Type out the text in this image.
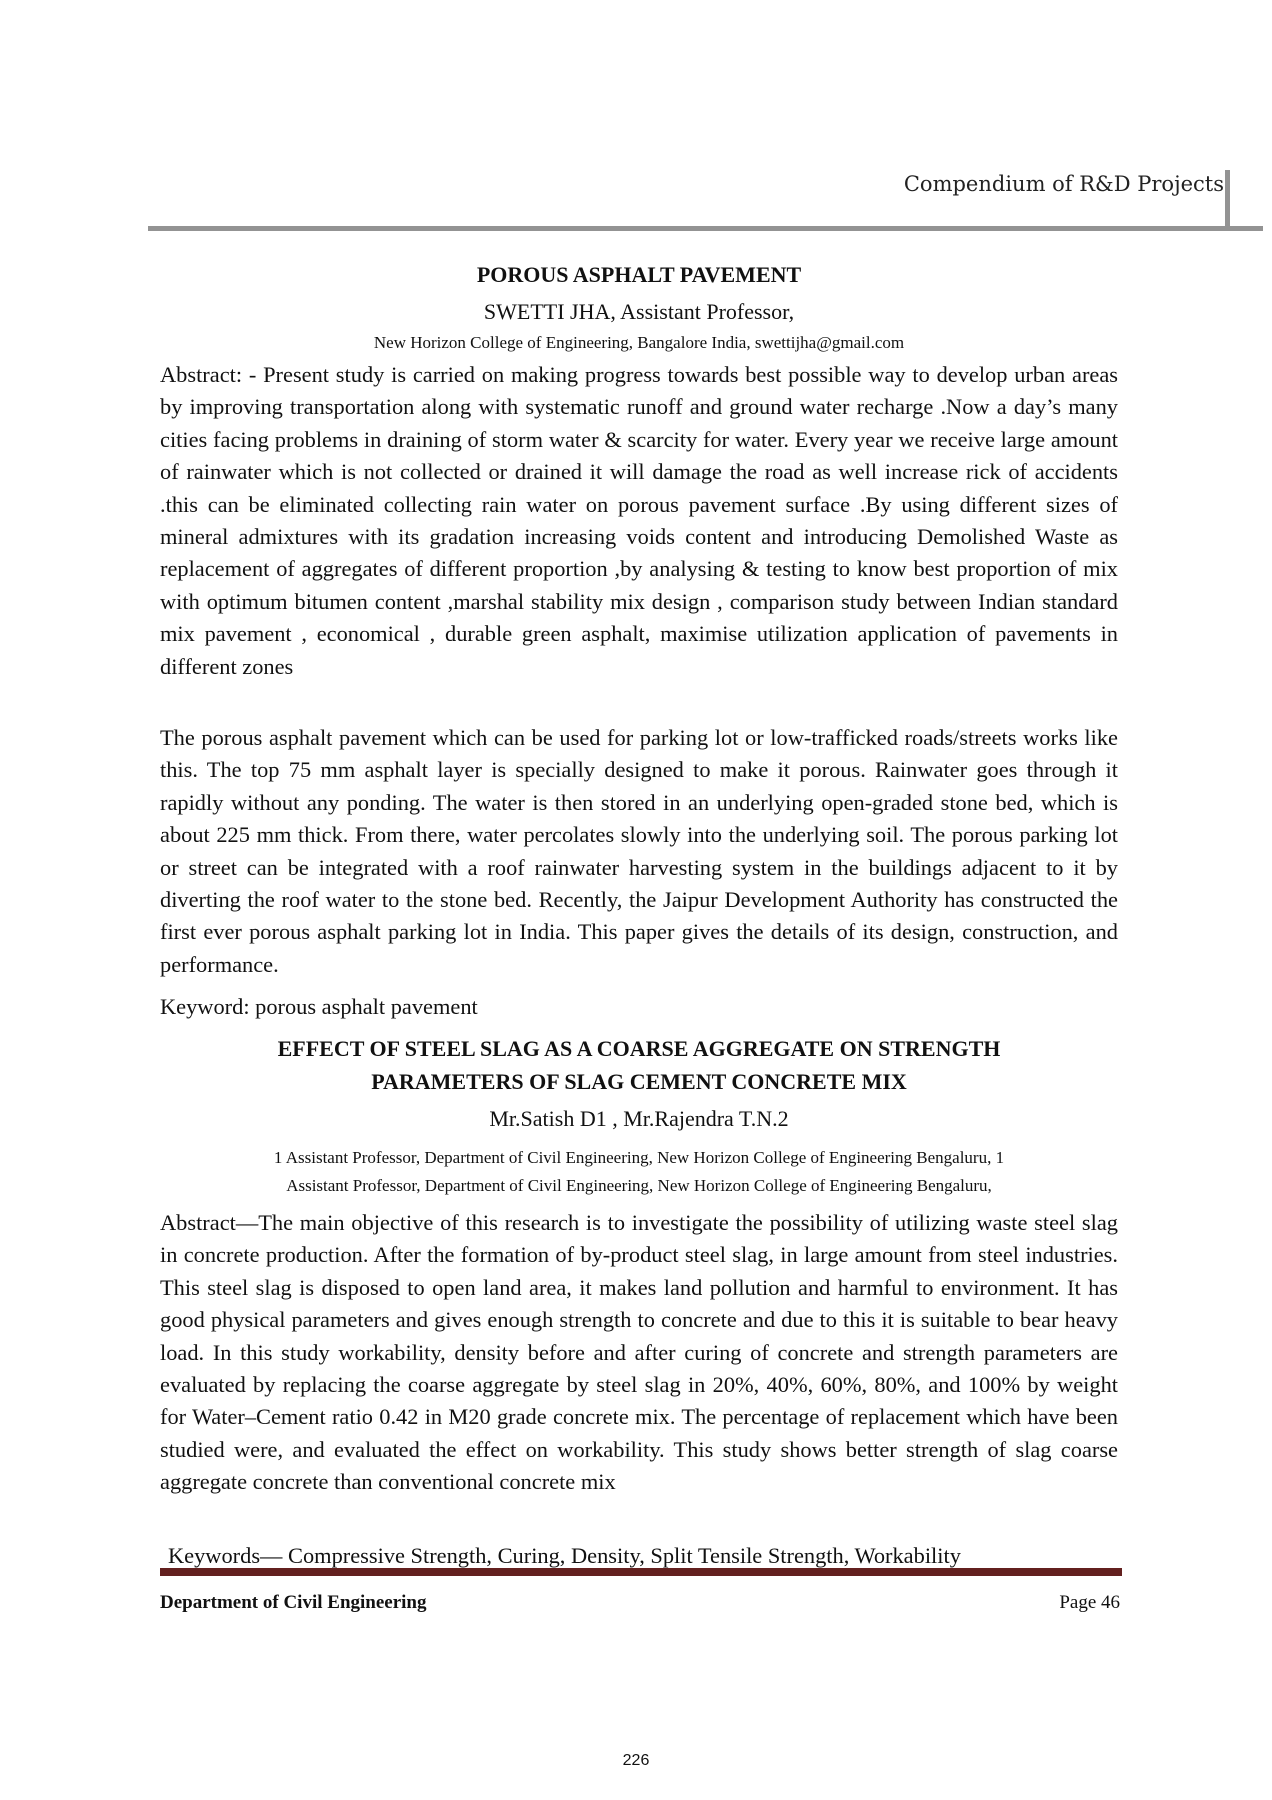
Compendium of R&D Projects
POROUS ASPHALT PAVEMENT
SWETTI JHA, Assistant Professor,
New Horizon College of Engineering, Bangalore India, swettijha@gmail.com

Abstract: - Present study is carried on making progress towards best possible way to develop urban areas by improving transportation along with systematic runoff and ground water recharge .Now a day’s many cities facing problems in draining of storm water & scarcity for water. Every year we receive large amount of rainwater which is not collected or drained it will damage the road as well increase rick of accidents .this can be eliminated collecting rain water on porous pavement surface .By using different sizes of mineral admixtures with its gradation increasing voids content and introducing Demolished Waste as replacement of aggregates of different proportion ,by analysing & testing to know best proportion of mix with optimum bitumen content ,marshal stability mix design , comparison study between Indian standard mix pavement , economical , durable green asphalt, maximise utilization application of pavements in different zones

The porous asphalt pavement which can be used for parking lot or low-trafficked roads/streets works like this. The top 75 mm asphalt layer is specially designed to make it porous. Rainwater goes through it rapidly without any ponding. The water is then stored in an underlying open-graded stone bed, which is about 225 mm thick. From there, water percolates slowly into the underlying soil. The porous parking lot or street can be integrated with a roof rainwater harvesting system in the buildings adjacent to it by diverting the roof water to the stone bed. Recently, the Jaipur Development Authority has constructed the first ever porous asphalt parking lot in India. This paper gives the details of its design, construction, and performance.

Keyword: porous asphalt pavement

EFFECT OF STEEL SLAG AS A COARSE AGGREGATE ON STRENGTH
PARAMETERS OF SLAG CEMENT CONCRETE MIX
Mr.Satish D1 , Mr.Rajendra T.N.2
1 Assistant Professor, Department of Civil Engineering, New Horizon College of Engineering Bengaluru, 1
Assistant Professor, Department of Civil Engineering, New Horizon College of Engineering Bengaluru,

Abstract—The main objective of this research is to investigate the possibility of utilizing waste steel slag in concrete production. After the formation of by-product steel slag, in large amount from steel industries. This steel slag is disposed to open land area, it makes land pollution and harmful to environment. It has good physical parameters and gives enough strength to concrete and due to this it is suitable to bear heavy load. In this study workability, density before and after curing of concrete and strength parameters are evaluated by replacing the coarse aggregate by steel slag in 20%, 40%, 60%, 80%, and 100% by weight for Water–Cement ratio 0.42 in M20 grade concrete mix. The percentage of replacement which have been studied were, and evaluated the effect on workability. This study shows better strength of slag coarse aggregate concrete than conventional concrete mix

Keywords— Compressive Strength, Curing, Density, Split Tensile Strength, Workability

Department of Civil Engineering	Page 46
226
